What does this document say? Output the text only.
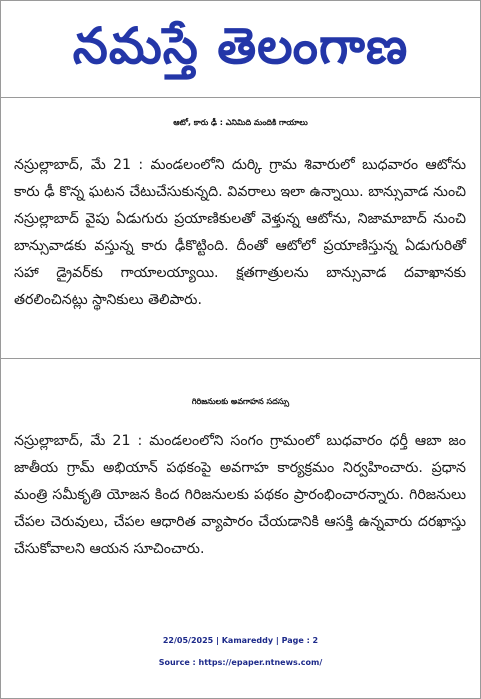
నమస్తే తెలంగాణ
ఆటో, కారు ఢీ : ఎనిమిది మందికి గాయాలు

నస్రుల్లాబాద్, మే 21 : మండలంలోని దుర్కి గ్రామ శివారులో బుధవారం ఆటోను కారు ఢీ కొన్న ఘటన చేటుచేసుకున్నది. వివరాలు ఇలా ఉన్నాయి. బాన్సువాడ నుంచి నస్రుల్లాబాద్ వైపు ఏడుగురు ప్రయాణికులతో వెళ్తున్న ఆటోను, నిజామాబాద్ నుంచి బాన్సువాడకు వస్తున్న కారు ఢీకొట్టింది. దీంతో ఆటోలో ప్రయాణిస్తున్న ఏడుగురితో సహా డ్రైవర్‌కు గాయాలయ్యాయి. క్షతగాత్రులను బాన్సువాడ దవాఖానకు తరలించినట్లు స్థానికులు తెలిపారు.

గిరిజనులకు అవగాహన సదస్సు

నస్రుల్లాబాద్, మే 21 : మండలంలోని సంగం గ్రామంలో బుధవారం ధర్తీ ఆబా జం జాతీయ గ్రామ్ అభియాన్ పథకంపై అవగాహ కార్యక్రమం నిర్వహించారు. ప్రధాన మంత్రి సమీకృతి యోజన కింద గిరిజనులకు పథకం ప్రారంభించారన్నారు. గిరిజనులు చేపల చెరువులు, చేపల ఆధారిత వ్యాపారం చేయడానికి ఆసక్తి ఉన్నవారు దరఖాస్తు చేసుకోవాలని ఆయన సూచించారు.

22/05/2025 | Kamareddy | Page : 2
Source : https://epaper.ntnews.com/
